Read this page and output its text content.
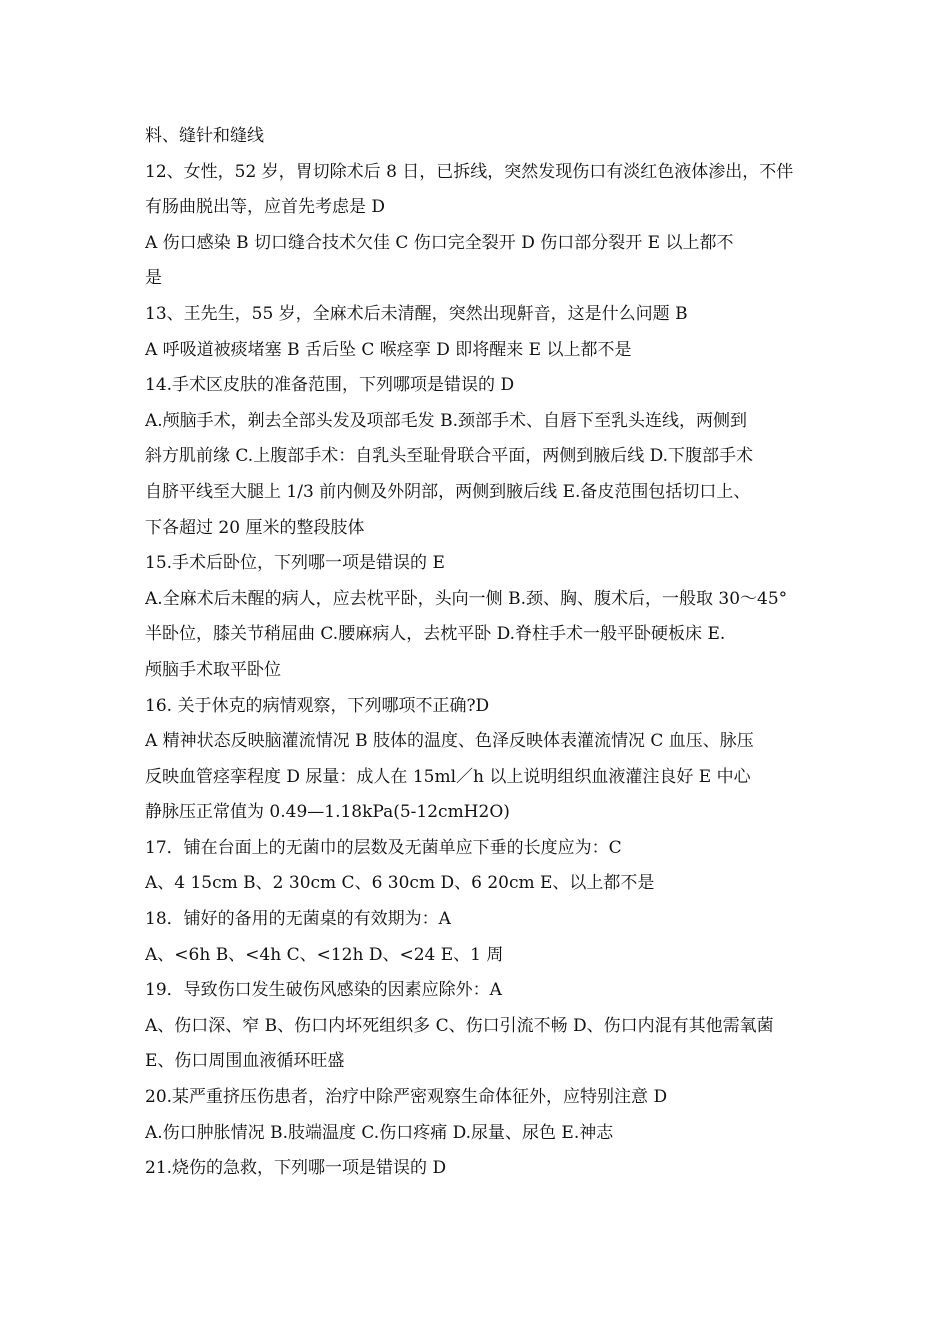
料、缝针和缝线
12、女性，52 岁，胃切除术后 8 日，已拆线，突然发现伤口有淡红色液体渗出，不伴
有肠曲脱出等，应首先考虑是 D
A 伤口感染 B 切口缝合技术欠佳 C 伤口完全裂开 D 伤口部分裂开 E 以上都不
是
13、王先生，55 岁，全麻术后未清醒，突然出现鼾音，这是什么问题 B
A 呼吸道被痰堵塞 B 舌后坠 C 喉痉挛 D 即将醒来 E 以上都不是
14.手术区皮肤的准备范围，下列哪项是错误的 D
A.颅脑手术，剃去全部头发及项部毛发 B.颈部手术、自唇下至乳头连线，两侧到
斜方肌前缘 C.上腹部手术：自乳头至耻骨联合平面，两侧到腋后线 D.下腹部手术
自脐平线至大腿上 1/3 前内侧及外阴部，两侧到腋后线 E.备皮范围包括切口上、
下各超过 20 厘米的整段肢体
15.手术后卧位，下列哪一项是错误的 E
A.全麻术后未醒的病人，应去枕平卧，头向一侧 B.颈、胸、腹术后，一般取 30～45°
半卧位，膝关节稍屈曲 C.腰麻病人，去枕平卧 D.脊柱手术一般平卧硬板床 E.
颅脑手术取平卧位
16. 关于休克的病情观察，下列哪项不正确?D
A 精神状态反映脑灌流情况 B 肢体的温度、色泽反映体表灌流情况 C 血压、脉压
反映血管痉挛程度 D 尿量：成人在 15ml／h 以上说明组织血液灌注良好 E 中心
静脉压正常值为 0.49—1.18kPa(5-12cmH2O)
17．铺在台面上的无菌巾的层数及无菌单应下垂的长度应为：C
A、4 15cm B、2 30cm C、6 30cm D、6 20cm E、以上都不是
18．铺好的备用的无菌桌的有效期为：A
A、<6h B、<4h C、<12h D、<24 E、1 周
19．导致伤口发生破伤风感染的因素应除外：A
A、伤口深、窄 B、伤口内坏死组织多 C、伤口引流不畅 D、伤口内混有其他需氧菌
E、伤口周围血液循环旺盛
20.某严重挤压伤患者，治疗中除严密观察生命体征外，应特别注意 D
A.伤口肿胀情况 B.肢端温度 C.伤口疼痛 D.尿量、尿色 E.神志
21.烧伤的急救，下列哪一项是错误的 D
